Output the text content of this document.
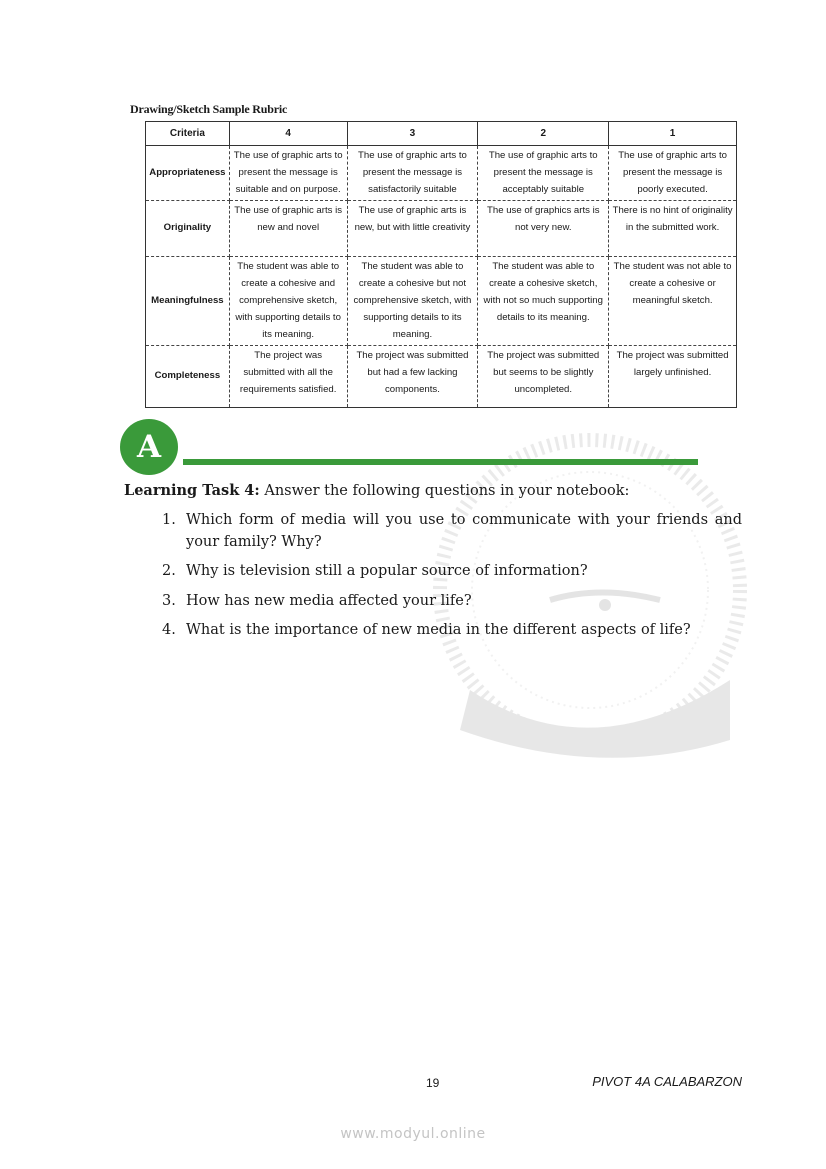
Drawing/Sketch Sample Rubric
Criteria	4	3	2	1
Appropriateness	The use of graphic arts to present the message is suitable and on purpose.	The use of graphic arts to present the message is satisfactorily suitable	The use of graphic arts to present the message is acceptably suitable	The use of graphic arts to present the message is poorly executed.
Originality	The use of graphic arts is new and novel	The use of graphic arts is new, but with little creativity	The use of graphics arts is not very new.	There is no hint of originality in the submitted work.
Meaningfulness	The student was able to create a cohesive and comprehensive sketch, with supporting details to its meaning.	The student was able to create a cohesive but not comprehensive sketch, with supporting details to its meaning.	The student was able to create a cohesive sketch, with not so much supporting details to its meaning.	The student was not able to create a cohesive or meaningful sketch.
Completeness	The project was submitted with all the requirements satisfied.	The project was submitted but had a few lacking components.	The project was submitted but seems to be slightly uncompleted.	The project was submitted largely unfinished.
A
Learning Task 4: Answer the following questions in your notebook:
1. Which form of media will you use to communicate with your friends and your family? Why?
2. Why is television still a popular source of information?
3. How has new media affected your life?
4. What is the importance of new media in the different aspects of life?
19	PIVOT 4A CALABARZON
www.modyul.online
